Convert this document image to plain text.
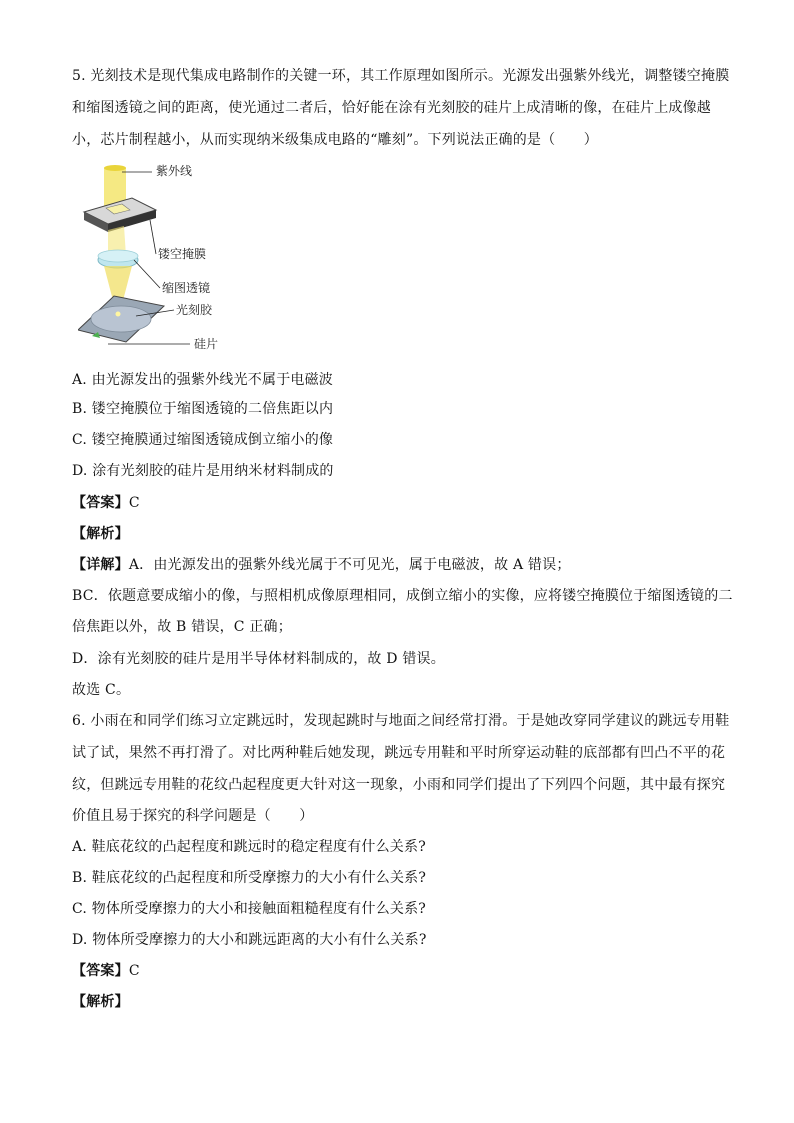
5. 光刻技术是现代集成电路制作的关键一环，其工作原理如图所示。光源发出强紫外线光，调整镂空掩膜
和缩图透镜之间的距离，使光通过二者后，恰好能在涂有光刻胶的硅片上成清晰的像，在硅片上成像越
小，芯片制程越小，从而实现纳米级集成电路的“雕刻”。下列说法正确的是（　　）
紫外线
镂空掩膜
缩图透镜
光刻胶
硅片
A. 由光源发出的强紫外线光不属于电磁波
B. 镂空掩膜位于缩图透镜的二倍焦距以内
C. 镂空掩膜通过缩图透镜成倒立缩小的像
D. 涂有光刻胶的硅片是用纳米材料制成的
【答案】C
【解析】
【详解】A．由光源发出的强紫外线光属于不可见光，属于电磁波，故 A 错误；
BC．依题意要成缩小的像，与照相机成像原理相同，成倒立缩小的实像，应将镂空掩膜位于缩图透镜的二
倍焦距以外，故 B 错误，C 正确；
D．涂有光刻胶的硅片是用半导体材料制成的，故 D 错误。
故选 C。
6. 小雨在和同学们练习立定跳远时，发现起跳时与地面之间经常打滑。于是她改穿同学建议的跳远专用鞋
试了试，果然不再打滑了。对比两种鞋后她发现，跳远专用鞋和平时所穿运动鞋的底部都有凹凸不平的花
纹，但跳远专用鞋的花纹凸起程度更大针对这一现象，小雨和同学们提出了下列四个问题，其中最有探究
价值且易于探究的科学问题是（　　）
A. 鞋底花纹的凸起程度和跳远时的稳定程度有什么关系?
B. 鞋底花纹的凸起程度和所受摩擦力的大小有什么关系?
C. 物体所受摩擦力的大小和接触面粗糙程度有什么关系?
D. 物体所受摩擦力的大小和跳远距离的大小有什么关系?
【答案】C
【解析】
